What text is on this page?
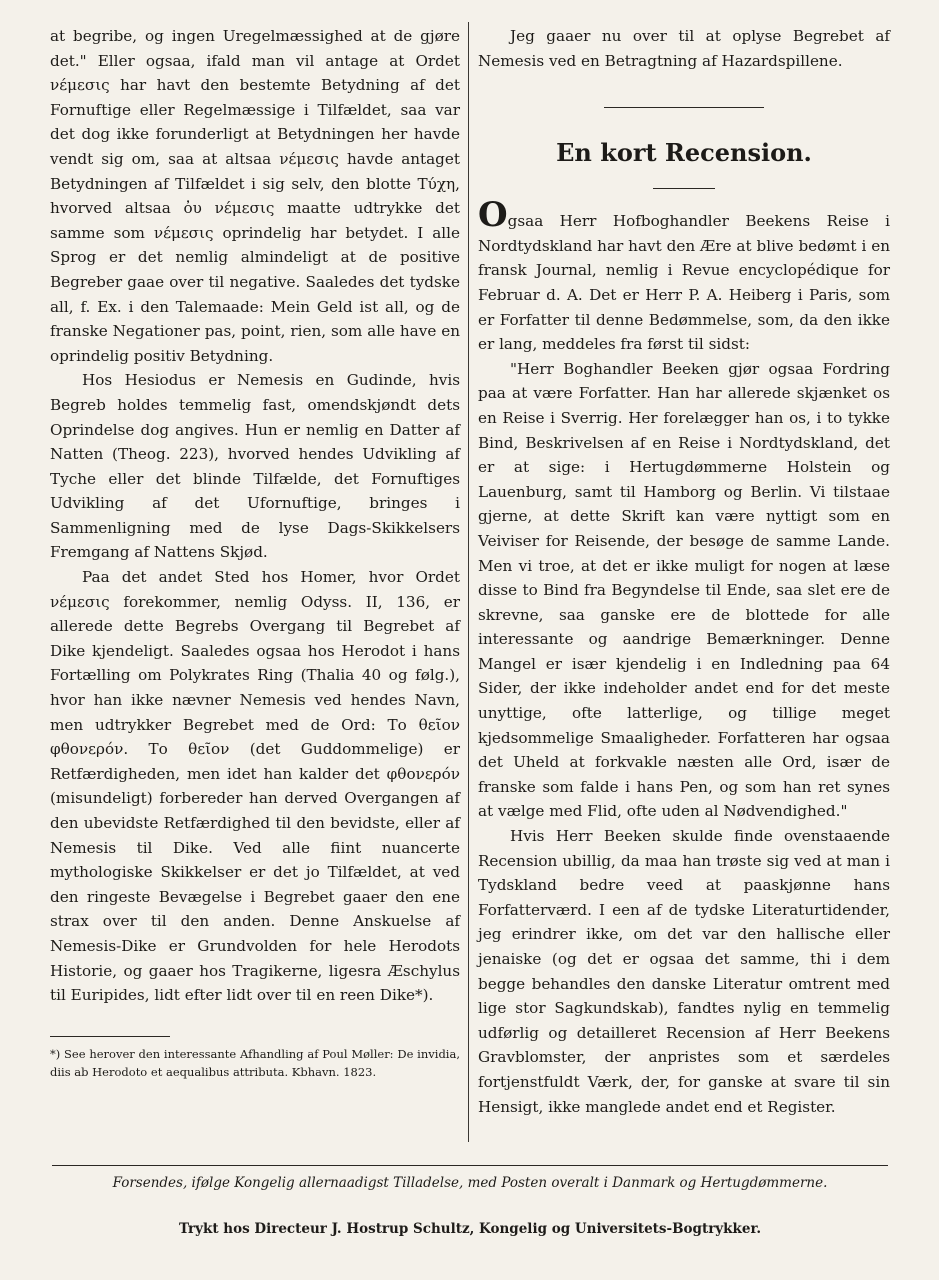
at begribe, og ingen Uregelmæssighed at de gjøre det." Eller ogsaa, ifald man vil antage at Ordet νέμεσις har havt den bestemte Betydning af det Fornuftige eller Regelmæssige i Tilfældet, saa var det dog ikke forunderligt at Betydningen her havde vendt sig om, saa at altsaa νέμεσις havde antaget Betydningen af Tilfældet i sig selv, den blotte Τύχη, hvorved altsaa ὀυ νέμεσις maatte udtrykke det samme som νέμεσις oprindelig har betydet. I alle Sprog er det nemlig almindeligt at de positive Begreber gaae over til negative. Saaledes det tydske all, f. Ex. i den Talemaade: Mein Geld ist all, og de franske Negationer pas, point, rien, som alle have en oprindelig positiv Betydning.

Hos Hesiodus er Nemesis en Gudinde, hvis Begreb holdes temmelig fast, omendskjøndt dets Oprindelse dog angives. Hun er nemlig en Datter af Natten (Theog. 223), hvorved hendes Udvikling af Tyche eller det blinde Tilfælde, det Fornuftiges Udvikling af det Ufornuftige, bringes i Sammenligning med de lyse Dags-Skikkelsers Fremgang af Nattens Skjød.

Paa det andet Sted hos Homer, hvor Ordet νέμεσις forekommer, nemlig Odyss. II, 136, er allerede dette Begrebs Overgang til Begrebet af Dike kjendeligt. Saaledes ogsaa hos Herodot i hans Fortælling om Polykrates Ring (Thalia 40 og følg.), hvor han ikke nævner Nemesis ved hendes Navn, men udtrykker Begrebet med de Ord: Το θεῖον φθονερόν. Το θεῖον (det Guddommelige) er Retfærdigheden, men idet han kalder det φθονερόν (misundeligt) forbereder han derved Overgangen af den ubevidste Retfærdighed til den bevidste, eller af Nemesis til Dike. Ved alle fiint nuancerte mythologiske Skikkelser er det jo Tilfældet, at ved den ringeste Bevægelse i Begrebet gaaer den ene strax over til den anden. Denne Anskuelse af Nemesis-Dike er Grundvolden for hele Herodots Historie, og gaaer hos Tragikerne, ligesra Æschylus til Euripides, lidt efter lidt over til en reen Dike*).

*) See herover den interessante Afhandling af Poul Møller: De invidia, diis ab Herodoto et aequalibus attributa. Kbhavn. 1823.

Jeg gaaer nu over til at oplyse Begrebet af Nemesis ved en Betragtning af Hazardspillene.

En kort Recension.

Ogsaa Herr Hofboghandler Beekens Reise i Nordtydskland har havt den Ære at blive bedømt i en fransk Journal, nemlig i Revue encyclopédique for Februar d. A. Det er Herr P. A. Heiberg i Paris, som er Forfatter til denne Bedømmelse, som, da den ikke er lang, meddeles fra først til sidst:

"Herr Boghandler Beeken gjør ogsaa Fordring paa at være Forfatter. Han har allerede skjænket os en Reise i Sverrig. Her forelægger han os, i to tykke Bind, Beskrivelsen af en Reise i Nordtydskland, det er at sige: i Hertugdømmerne Holstein og Lauenburg, samt til Hamborg og Berlin. Vi tilstaae gjerne, at dette Skrift kan være nyttigt som en Veiviser for Reisende, der besøge de samme Lande. Men vi troe, at det er ikke muligt for nogen at læse disse to Bind fra Begyndelse til Ende, saa slet ere de skrevne, saa ganske ere de blottede for alle interessante og aandrige Bemærkninger. Denne Mangel er især kjendelig i en Indledning paa 64 Sider, der ikke indeholder andet end for det meste unyttige, ofte latterlige, og tillige meget kjedsommelige Smaaligheder. Forfatteren har ogsaa det Uheld at forkvakle næsten alle Ord, især de franske som falde i hans Pen, og som han ret synes at vælge med Flid, ofte uden al Nødvendighed."

Hvis Herr Beeken skulde finde ovenstaaende Recension ubillig, da maa han trøste sig ved at man i Tydskland bedre veed at paaskjønne hans Forfatterværd. I een af de tydske Literaturtidender, jeg erindrer ikke, om det var den hallische eller jenaiske (og det er ogsaa det samme, thi i dem begge behandles den danske Literatur omtrent med lige stor Sagkundskab), fandtes nylig en temmelig udførlig og detailleret Recension af Herr Beekens Gravblomster, der anpristes som et særdeles fortjenstfuldt Værk, der, for ganske at svare til sin Hensigt, ikke manglede andet end et Register.

Forsendes, ifølge Kongelig allernaadigst Tilladelse, med Posten overalt i Danmark og Hertugdømmerne.
Trykt hos Directeur J. Hostrup Schultz, Kongelig og Universitets-Bogtrykker.
